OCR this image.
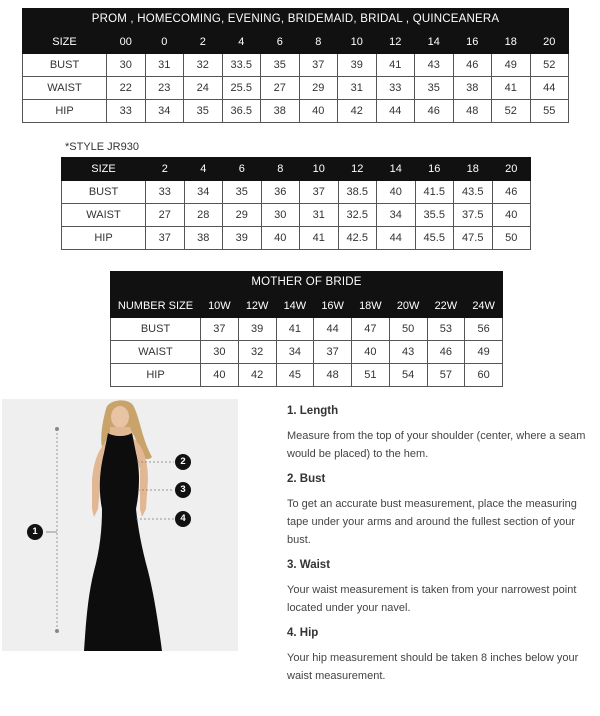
PROM , HOMECOMING, EVENING, BRIDEMAID, BRIDAL , QUINCEANERA
SIZE	00	0	2	4	6	8	10	12	14	16	18	20
BUST	30	31	32	33.5	35	37	39	41	43	46	49	52
WAIST	22	23	24	25.5	27	29	31	33	35	38	41	44
HIP	33	34	35	36.5	38	40	42	44	46	48	52	55
*STYLE JR930
SIZE	2	4	6	8	10	12	14	16	18	20
BUST	33	34	35	36	37	38.5	40	41.5	43.5	46
WAIST	27	28	29	30	31	32.5	34	35.5	37.5	40
HIP	37	38	39	40	41	42.5	44	45.5	47.5	50
MOTHER OF BRIDE
NUMBER SIZE	10W	12W	14W	16W	18W	20W	22W	24W
BUST	37	39	41	44	47	50	53	56
WAIST	30	32	34	37	40	43	46	49
HIP	40	42	45	48	51	54	57	60
1
2
3
4

1. Length

Measure from the top of your shoulder (center, where a seam would be placed) to the hem.

2. Bust

To get an accurate bust measurement, place the measuring tape under your arms and around the fullest section of your bust.

3. Waist

Your waist measurement is taken from your narrowest point located under your navel.

4. Hip

Your hip measurement should be taken 8 inches below your waist measurement.
